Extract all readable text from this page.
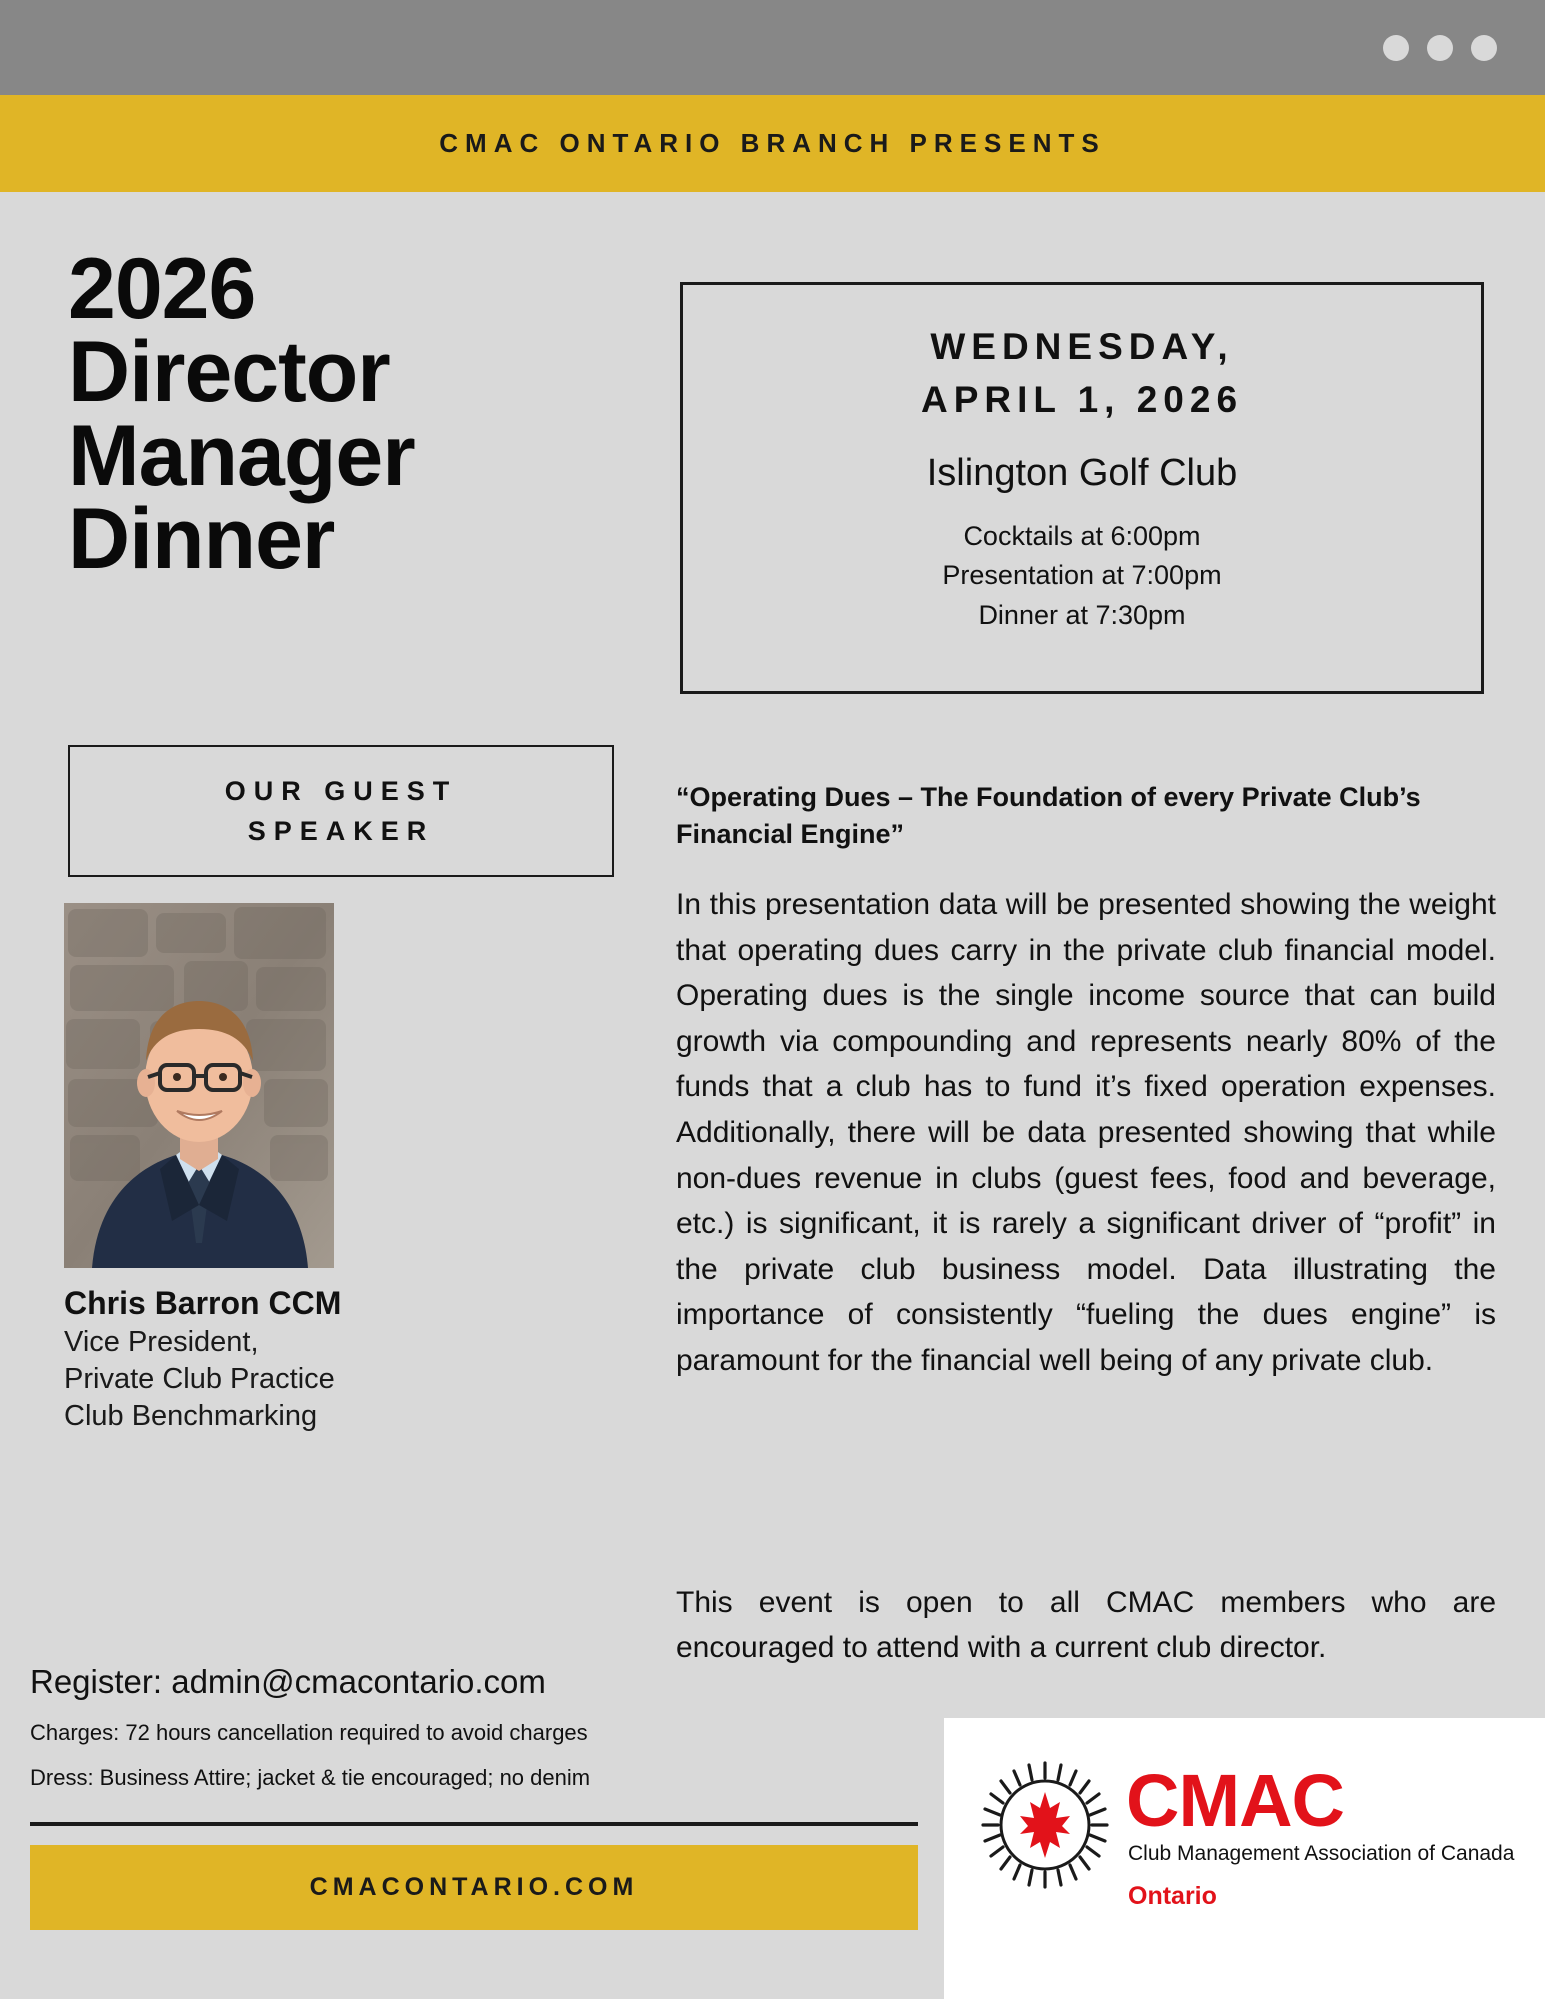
CMAC ONTARIO BRANCH PRESENTS
2026
Director
Manager
Dinner
OUR GUEST
SPEAKER

Chris Barron CCM

Vice President,

Private Club Practice

Club Benchmarking

Register: admin@cmacontario.com
Charges: 72 hours cancellation required to avoid charges
Dress: Business Attire; jacket & tie encouraged; no denim
CMACONTARIO.COM

WEDNESDAY,

APRIL 1, 2026

Islington Golf Club

Cocktails at 6:00pm

Presentation at 7:00pm

Dinner at 7:30pm

“Operating Dues – The Foundation of every Private Club’s Financial Engine”

In this presentation data will be presented showing the weight that operating dues carry in the private club financial model. Operating dues is the single income source that can build growth via compounding and represents nearly 80% of the funds that a club has to fund it’s fixed operation expenses. Additionally, there will be data presented showing that while non-dues revenue in clubs (guest fees, food and beverage, etc.) is significant, it is rarely a significant driver of “profit” in the private club business model. Data illustrating the importance of consistently “fueling the dues engine” is paramount for the financial well being of any private club.

This event is open to all CMAC members who are encouraged to attend with a current club director.

CMAC
Club Management Association of Canada
Ontario
